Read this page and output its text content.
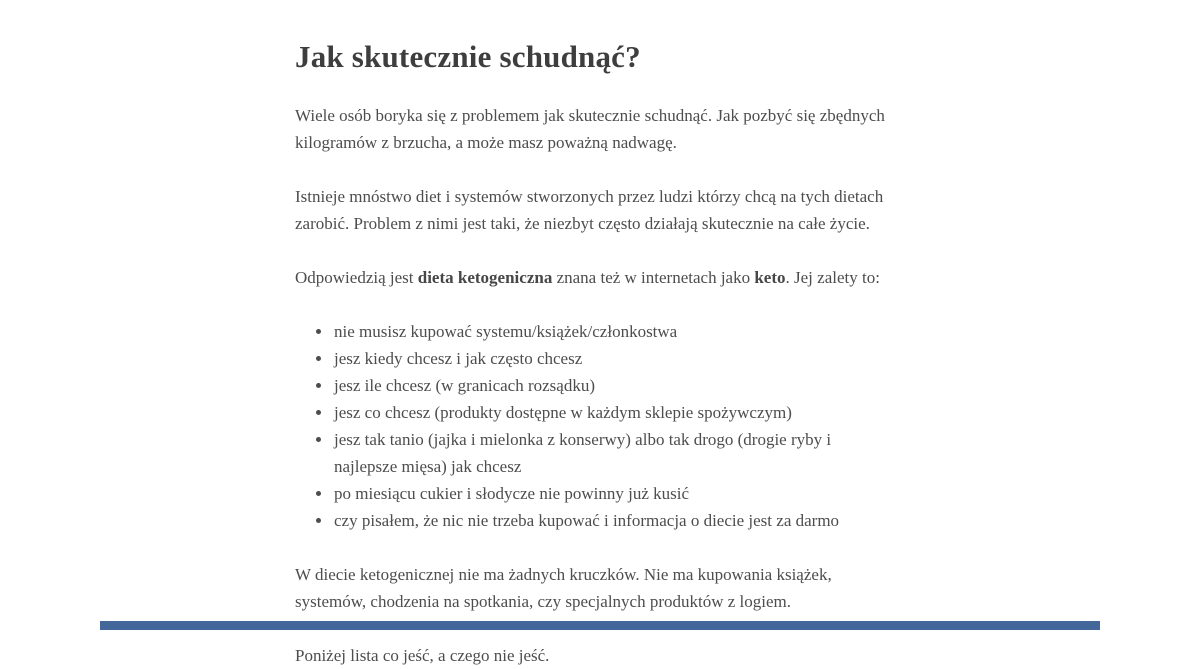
Jak skutecznie schudnąć?

Wiele osób boryka się z problemem jak skutecznie schudnąć. Jak pozbyć się zbędnych kilogramów z brzucha, a może masz poważną nadwagę.

Istnieje mnóstwo diet i systemów stworzonych przez ludzi którzy chcą na tych dietach zarobić. Problem z nimi jest taki, że niezbyt często działają skutecznie na całe życie.

Odpowiedzią jest dieta ketogeniczna znana też w internetach jako keto. Jej zalety to:

• nie musisz kupować systemu/książek/członkostwa
• jesz kiedy chcesz i jak często chcesz
• jesz ile chcesz (w granicach rozsądku)
• jesz co chcesz (produkty dostępne w każdym sklepie spożywczym)
• jesz tak tanio (jajka i mielonka z konserwy) albo tak drogo (drogie ryby i najlepsze mięsa) jak chcesz
• po miesiącu cukier i słodycze nie powinny już kusić
• czy pisałem, że nic nie trzeba kupować i informacja o diecie jest za darmo

W diecie ketogenicznej nie ma żadnych kruczków. Nie ma kupowania książek, systemów, chodzenia na spotkania, czy specjalnych produktów z logiem.

Poniżej lista co jeść, a czego nie jeść.
